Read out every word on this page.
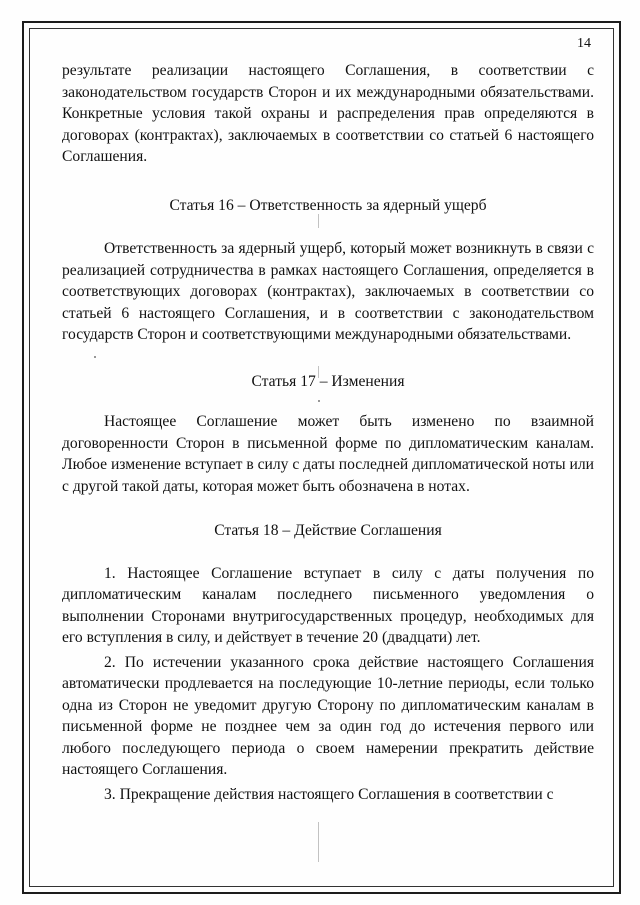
14

результате реализации настоящего Соглашения, в соответствии с законодательством государств Сторон и их международными обязательствами. Конкретные условия такой охраны и распределения прав определяются в договорах (контрактах), заключаемых в соответствии со статьей 6 настоящего Соглашения.

Статья 16 – Ответственность за ядерный ущерб

Ответственность за ядерный ущерб, который может возникнуть в связи с реализацией сотрудничества в рамках настоящего Соглашения, определяется в соответствующих договорах (контрактах), заключаемых в соответствии со статьей 6 настоящего Соглашения, и в соответствии с законодательством государств Сторон и соответствующими международными обязательствами.

Статья 17 – Изменения

Настоящее Соглашение может быть изменено по взаимной договоренности Сторон в письменной форме по дипломатическим каналам. Любое изменение вступает в силу с даты последней дипломатической ноты или с другой такой даты, которая может быть обозначена в нотах.

Статья 18 – Действие Соглашения

1. Настоящее Соглашение вступает в силу с даты получения по дипломатическим каналам последнего письменного уведомления о выполнении Сторонами внутригосударственных процедур, необходимых для его вступления в силу, и действует в течение 20 (двадцати) лет.

2. По истечении указанного срока действие настоящего Соглашения автоматически продлевается на последующие 10-летние периоды, если только одна из Сторон не уведомит другую Сторону по дипломатическим каналам в письменной форме не позднее чем за один год до истечения первого или любого последующего периода о своем намерении прекратить действие настоящего Соглашения.

3. Прекращение действия настоящего Соглашения в соответствии с
